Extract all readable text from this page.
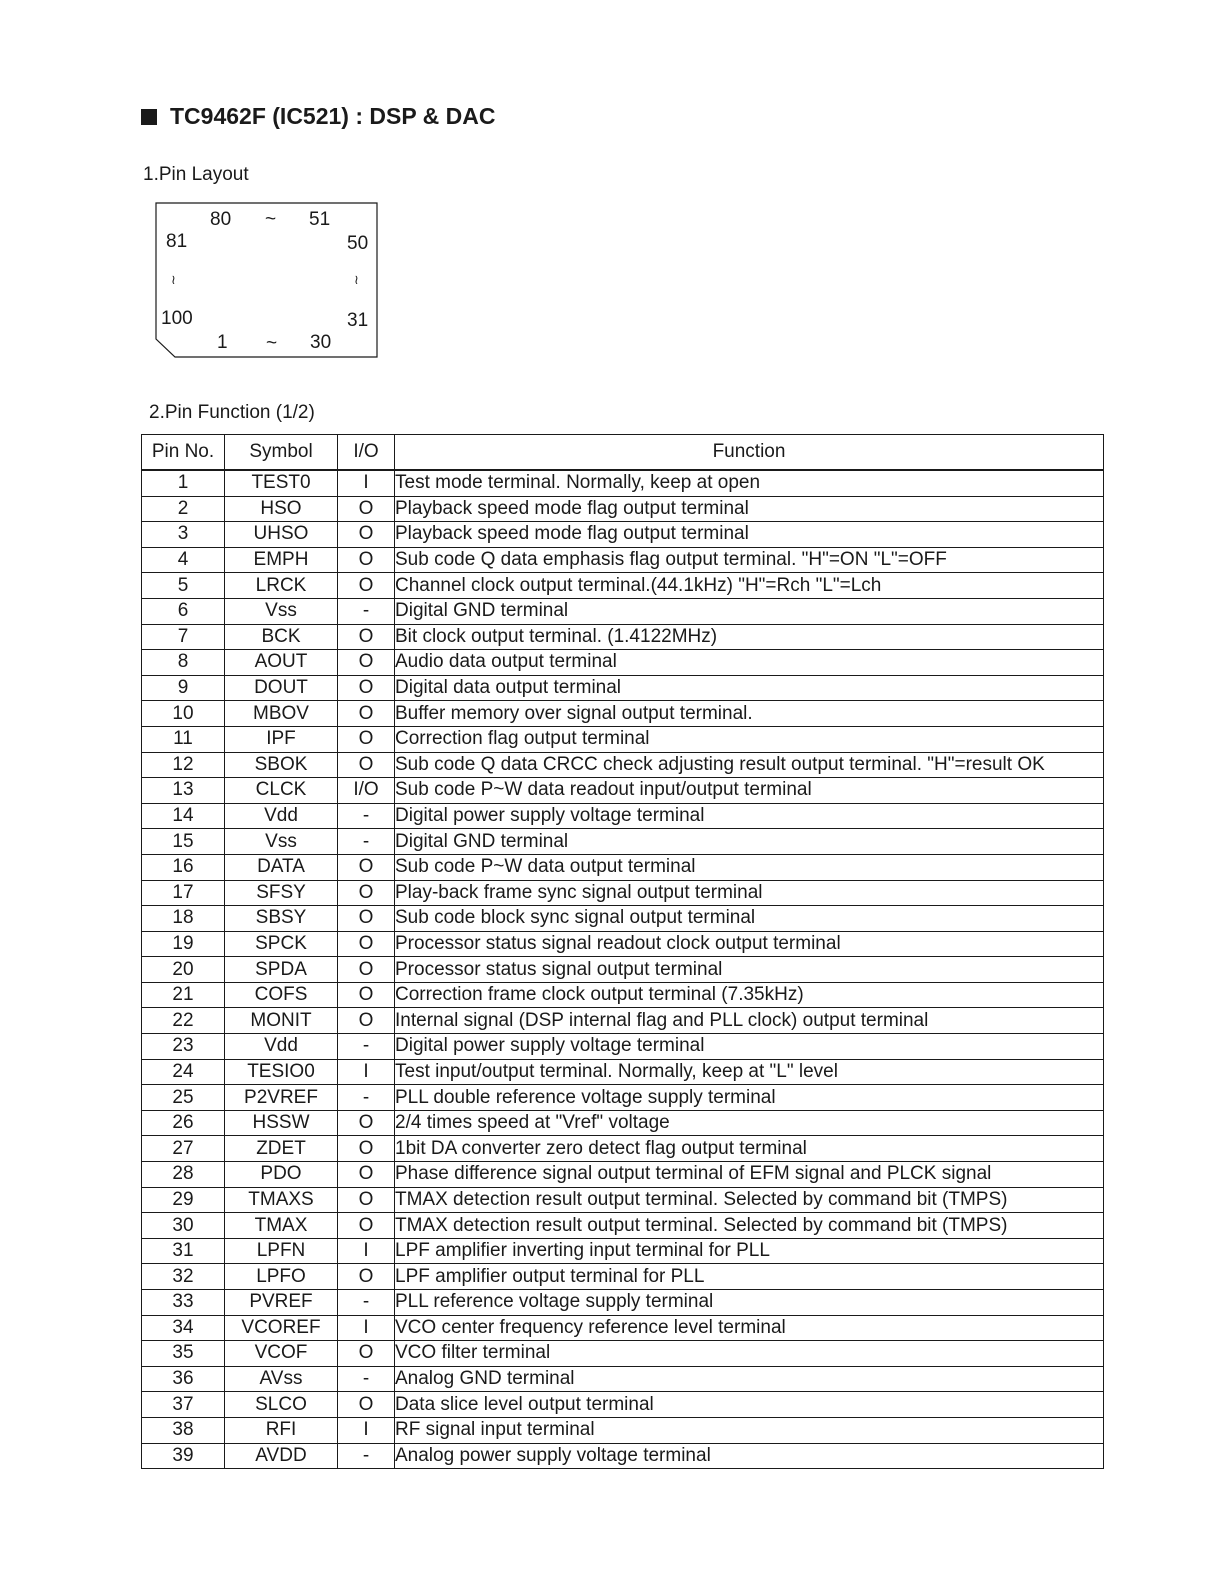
TC9462F (IC521) : DSP & DAC
1.Pin Layout
80 ~ 51
81	50
≀	≀
100	31
1 ~ 30
2.Pin Function (1/2)
Pin No.	Symbol	I/O	Function
1	TEST0	I	Test mode terminal. Normally, keep at open
2	HSO	O	Playback speed mode flag output terminal
3	UHSO	O	Playback speed mode flag output terminal
4	EMPH	O	Sub code Q data emphasis flag output terminal. "H"=ON "L"=OFF
5	LRCK	O	Channel clock output terminal.(44.1kHz) "H"=Rch "L"=Lch
6	Vss	-	Digital GND terminal
7	BCK	O	Bit clock output terminal. (1.4122MHz)
8	AOUT	O	Audio data output terminal
9	DOUT	O	Digital data output terminal
10	MBOV	O	Buffer memory over signal output terminal.
11	IPF	O	Correction flag output terminal
12	SBOK	O	Sub code Q data CRCC check adjusting result output terminal. "H"=result OK
13	CLCK	I/O	Sub code P~W data readout input/output terminal
14	Vdd	-	Digital power supply voltage terminal
15	Vss	-	Digital GND terminal
16	DATA	O	Sub code P~W data output terminal
17	SFSY	O	Play-back frame sync signal output terminal
18	SBSY	O	Sub code block sync signal output terminal
19	SPCK	O	Processor status signal readout clock output terminal
20	SPDA	O	Processor status signal output terminal
21	COFS	O	Correction frame clock output terminal (7.35kHz)
22	MONIT	O	Internal signal (DSP internal flag and PLL clock) output terminal
23	Vdd	-	Digital power supply voltage terminal
24	TESIO0	I	Test input/output terminal. Normally, keep at "L" level
25	P2VREF	-	PLL double reference voltage supply terminal
26	HSSW	O	2/4 times speed at "Vref" voltage
27	ZDET	O	1bit DA converter zero detect flag output terminal
28	PDO	O	Phase difference signal output terminal of EFM signal and PLCK signal
29	TMAXS	O	TMAX detection result output terminal. Selected by command bit (TMPS)
30	TMAX	O	TMAX detection result output terminal. Selected by command bit (TMPS)
31	LPFN	I	LPF amplifier inverting input terminal for PLL
32	LPFO	O	LPF amplifier output terminal for PLL
33	PVREF	-	PLL reference voltage supply terminal
34	VCOREF	I	VCO center frequency reference level terminal
35	VCOF	O	VCO filter terminal
36	AVss	-	Analog GND terminal
37	SLCO	O	Data slice level output terminal
38	RFI	I	RF signal input terminal
39	AVDD	-	Analog power supply voltage terminal
